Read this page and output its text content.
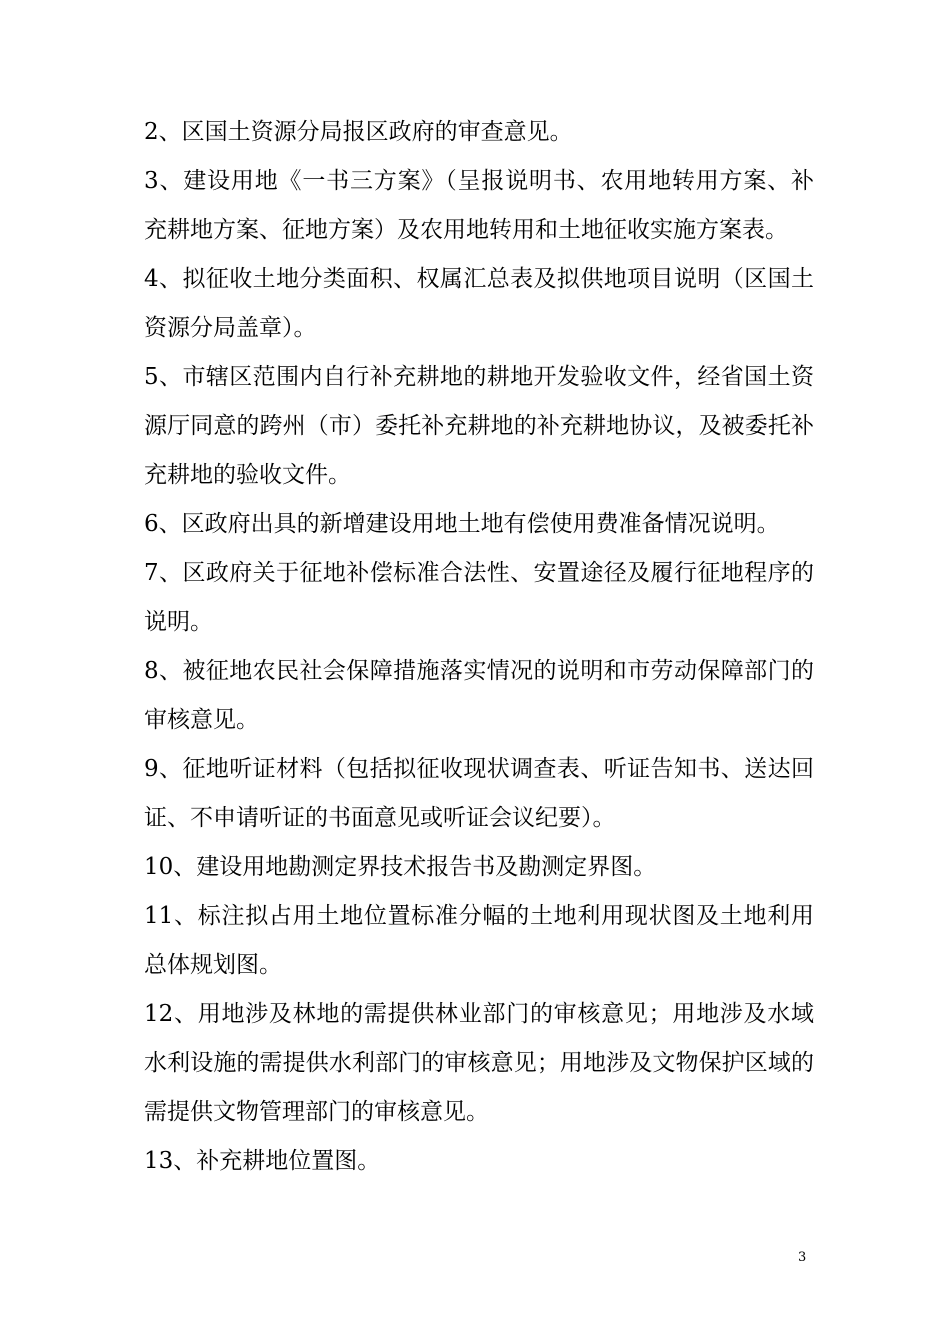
2、区国土资源分局报区政府的审查意见。

3、建设用地《一书三方案》（呈报说明书、农用地转用方案、补充耕地方案、征地方案）及农用地转用和土地征收实施方案表。

4、拟征收土地分类面积、权属汇总表及拟供地项目说明（区国土资源分局盖章）。

5、市辖区范围内自行补充耕地的耕地开发验收文件，经省国土资源厅同意的跨州（市）委托补充耕地的补充耕地协议，及被委托补充耕地的验收文件。

6、区政府出具的新增建设用地土地有偿使用费准备情况说明。

7、区政府关于征地补偿标准合法性、安置途径及履行征地程序的说明。

8、被征地农民社会保障措施落实情况的说明和市劳动保障部门的审核意见。

9、征地听证材料（包括拟征收现状调查表、听证告知书、送达回证、不申请听证的书面意见或听证会议纪要）。

10、建设用地勘测定界技术报告书及勘测定界图。

11、标注拟占用土地位置标准分幅的土地利用现状图及土地利用总体规划图。

12、用地涉及林地的需提供林业部门的审核意见；用地涉及水域水利设施的需提供水利部门的审核意见；用地涉及文物保护区域的需提供文物管理部门的审核意见。

13、补充耕地位置图。

3
